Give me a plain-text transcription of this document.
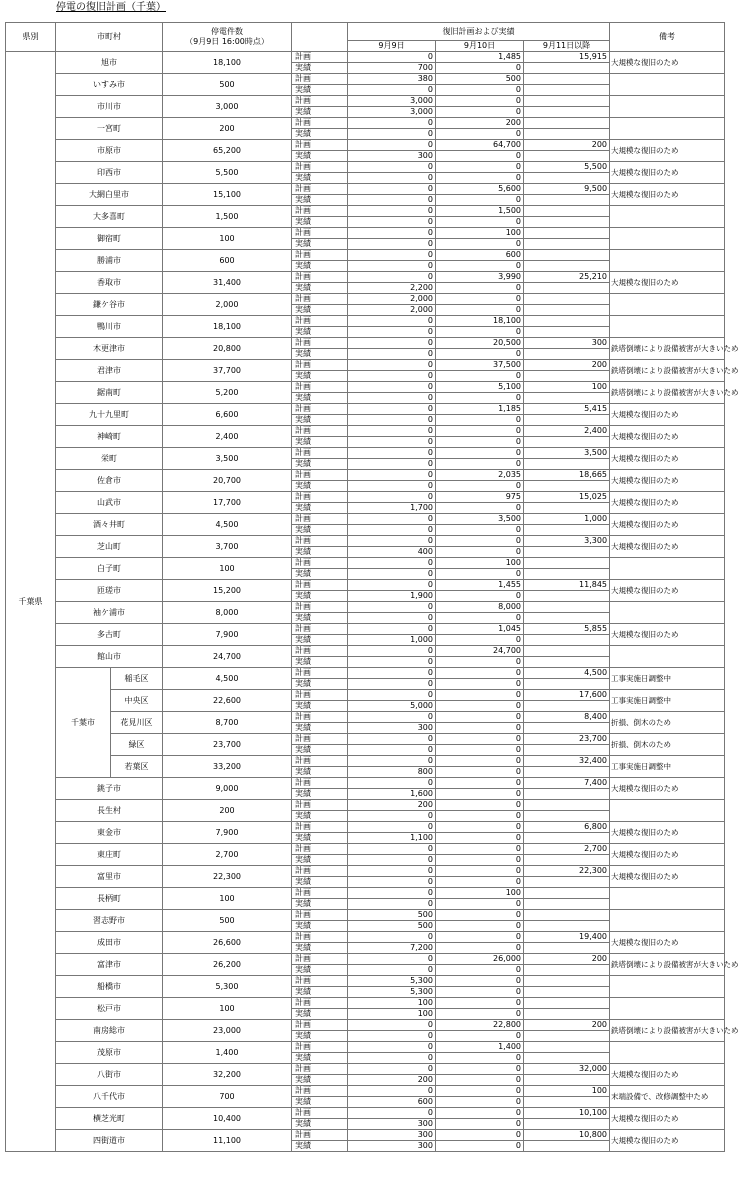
停電の復旧計画（千葉）
県別	市町村		停電件数
（9月9日 16:00時点）		復旧計画および実績			備考
					9月9日	9月10日	9月11日以降	
千葉県	旭市		18,100	計画	0	1,485	15,915	大規模な復旧のため
				実績	700	0		
	いすみ市		500	計画	380	500		
				実績	0	0		
	市川市		3,000	計画	3,000	0		
				実績	3,000	0		
	一宮町		200	計画	0	200		
				実績	0	0		
	市原市		65,200	計画	0	64,700	200	大規模な復旧のため
				実績	300	0		
	印西市		5,500	計画	0	0	5,500	大規模な復旧のため
				実績	0	0		
	大網白里市		15,100	計画	0	5,600	9,500	大規模な復旧のため
				実績	0	0		
	大多喜町		1,500	計画	0	1,500		
				実績	0	0		
	御宿町		100	計画	0	100		
				実績	0	0		
	勝浦市		600	計画	0	600		
				実績	0	0		
	香取市		31,400	計画	0	3,990	25,210	大規模な復旧のため
				実績	2,200	0		
	鎌ケ谷市		2,000	計画	2,000	0		
				実績	2,000	0		
	鴨川市		18,100	計画	0	18,100		
				実績	0	0		
	木更津市		20,800	計画	0	20,500	300	鉄塔倒壊により設備被害が大きいため
				実績	0	0		
	君津市		37,700	計画	0	37,500	200	鉄塔倒壊により設備被害が大きいため
				実績	0	0		
	鋸南町		5,200	計画	0	5,100	100	鉄塔倒壊により設備被害が大きいため
				実績	0	0		
	九十九里町		6,600	計画	0	1,185	5,415	大規模な復旧のため
				実績	0	0		
	神崎町		2,400	計画	0	0	2,400	大規模な復旧のため
				実績	0	0		
	栄町		3,500	計画	0	0	3,500	大規模な復旧のため
				実績	0	0		
	佐倉市		20,700	計画	0	2,035	18,665	大規模な復旧のため
				実績	0	0		
	山武市		17,700	計画	0	975	15,025	大規模な復旧のため
				実績	1,700	0		
	酒々井町		4,500	計画	0	3,500	1,000	大規模な復旧のため
				実績	0	0		
	芝山町		3,700	計画	0	0	3,300	大規模な復旧のため
				実績	400	0		
	白子町		100	計画	0	100		
				実績	0	0		
	匝瑳市		15,200	計画	0	1,455	11,845	大規模な復旧のため
				実績	1,900	0		
	袖ケ浦市		8,000	計画	0	8,000		
				実績	0	0		
	多古町		7,900	計画	0	1,045	5,855	大規模な復旧のため
				実績	1,000	0		
	館山市		24,700	計画	0	24,700		
				実績	0	0		
	千葉市	稲毛区	4,500	計画	0	0	4,500	工事実施日調整中
				実績	0	0		
		中央区	22,600	計画	0	0	17,600	工事実施日調整中
				実績	5,000	0		
		花見川区	8,700	計画	0	0	8,400	折損、倒木のため
				実績	300	0		
		緑区	23,700	計画	0	0	23,700	折損、倒木のため
				実績	0	0		
		若葉区	33,200	計画	0	0	32,400	工事実施日調整中
				実績	800	0		
	銚子市		9,000	計画	0	0	7,400	大規模な復旧のため
				実績	1,600	0		
	長生村		200	計画	200	0		
				実績	0	0		
	東金市		7,900	計画	0	0	6,800	大規模な復旧のため
				実績	1,100	0		
	東庄町		2,700	計画	0	0	2,700	大規模な復旧のため
				実績	0	0		
	富里市		22,300	計画	0	0	22,300	大規模な復旧のため
				実績	0	0		
	長柄町		100	計画	0	100		
				実績	0	0		
	習志野市		500	計画	500	0		
				実績	500	0		
	成田市		26,600	計画	0	0	19,400	大規模な復旧のため
				実績	7,200	0		
	富津市		26,200	計画	0	26,000	200	鉄塔倒壊により設備被害が大きいため
				実績	0	0		
	船橋市		5,300	計画	5,300	0		
				実績	5,300	0		
	松戸市		100	計画	100	0		
				実績	100	0		
	南房総市		23,000	計画	0	22,800	200	鉄塔倒壊により設備被害が大きいため
				実績	0	0		
	茂原市		1,400	計画	0	1,400		
				実績	0	0		
	八街市		32,200	計画	0	0	32,000	大規模な復旧のため
				実績	200	0		
	八千代市		700	計画	0	0	100	末端設備で、改修調整中ため
				実績	600	0		
	横芝光町		10,400	計画	0	0	10,100	大規模な復旧のため
				実績	300	0		
	四街道市		11,100	計画	300	0	10,800	大規模な復旧のため
				実績	300	0		
